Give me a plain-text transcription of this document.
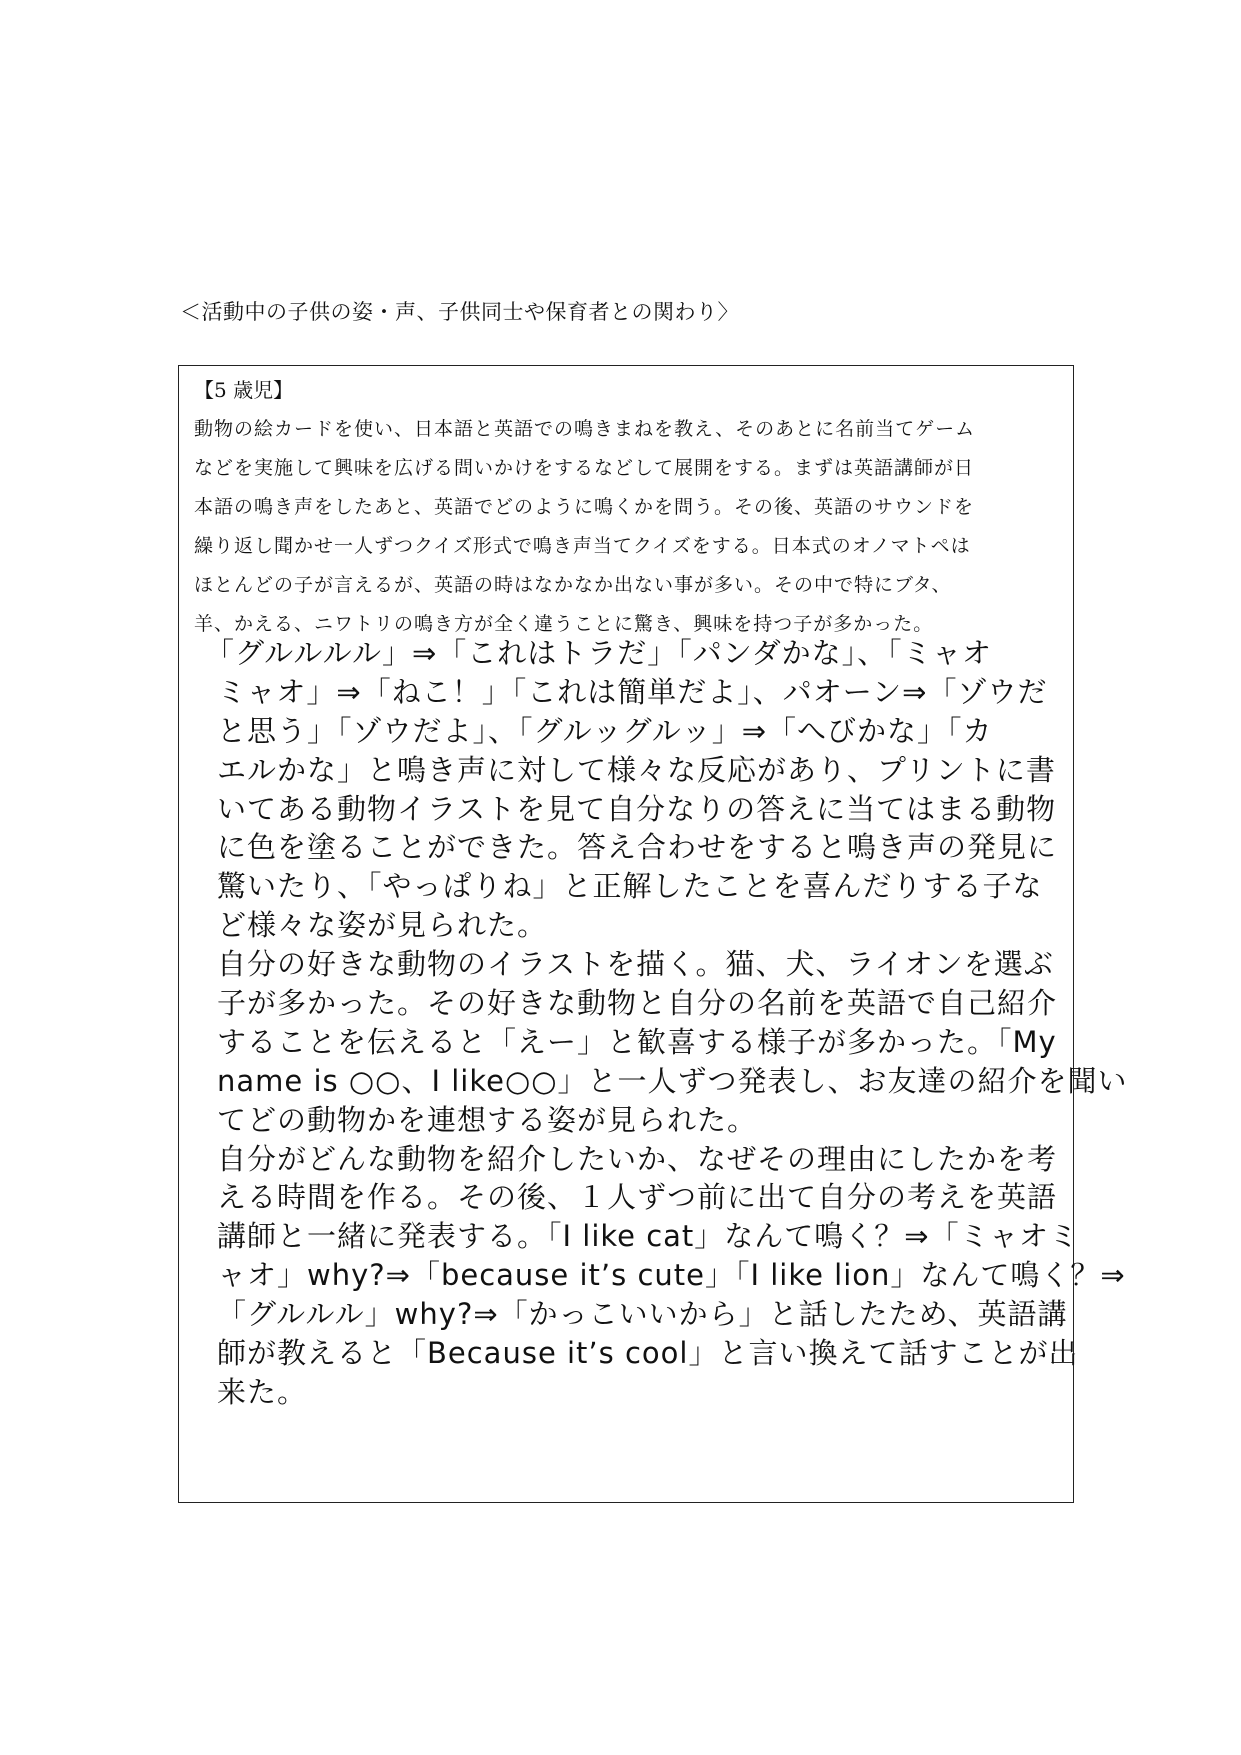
＜活動中の子供の姿・声、子供同士や保育者との関わり〉
【5 歳児】
動物の絵カードを使い、日本語と英語での鳴きまねを教え、そのあとに名前当てゲーム
などを実施して興味を広げる問いかけをするなどして展開をする。まずは英語講師が日
本語の鳴き声をしたあと、英語でどのように鳴くかを問う。その後、英語のサウンドを
繰り返し聞かせ一人ずつクイズ形式で鳴き声当てクイズをする。日本式のオノマトペは
ほとんどの子が言えるが、英語の時はなかなか出ない事が多い。その中で特にブタ、
羊、かえる、ニワトリの鳴き方が全く違うことに驚き、興味を持つ子が多かった。
「グルルルル」⇒「これはトラだ」「パンダかな」、「ミャオ
ミャオ」⇒「ねこ！」「これは簡単だよ」、パオーン⇒「ゾウだ
と思う」「ゾウだよ」、「グルッグルッ」⇒「へびかな」「カ
エルかな」と鳴き声に対して様々な反応があり、プリントに書
いてある動物イラストを見て自分なりの答えに当てはまる動物
に色を塗ることができた。答え合わせをすると鳴き声の発見に
驚いたり、「やっぱりね」と正解したことを喜んだりする子な
ど様々な姿が見られた。
自分の好きな動物のイラストを描く。猫、犬、ライオンを選ぶ
子が多かった。その好きな動物と自分の名前を英語で自己紹介
することを伝えると「えー」と歓喜する様子が多かった。「My
name is ○○、I like○○」と一人ずつ発表し、お友達の紹介を聞い
てどの動物かを連想する姿が見られた。
自分がどんな動物を紹介したいか、なぜその理由にしたかを考
える時間を作る。その後、１人ずつ前に出て自分の考えを英語
講師と一緒に発表する。「I like cat」なんて鳴く？⇒「ミャオミ
ャオ」why?⇒「because it’s cute」「I like lion」なんて鳴く？⇒
「グルルル」why?⇒「かっこいいから」と話したため、英語講
師が教えると「Because it’s cool」と言い換えて話すことが出
来た。
